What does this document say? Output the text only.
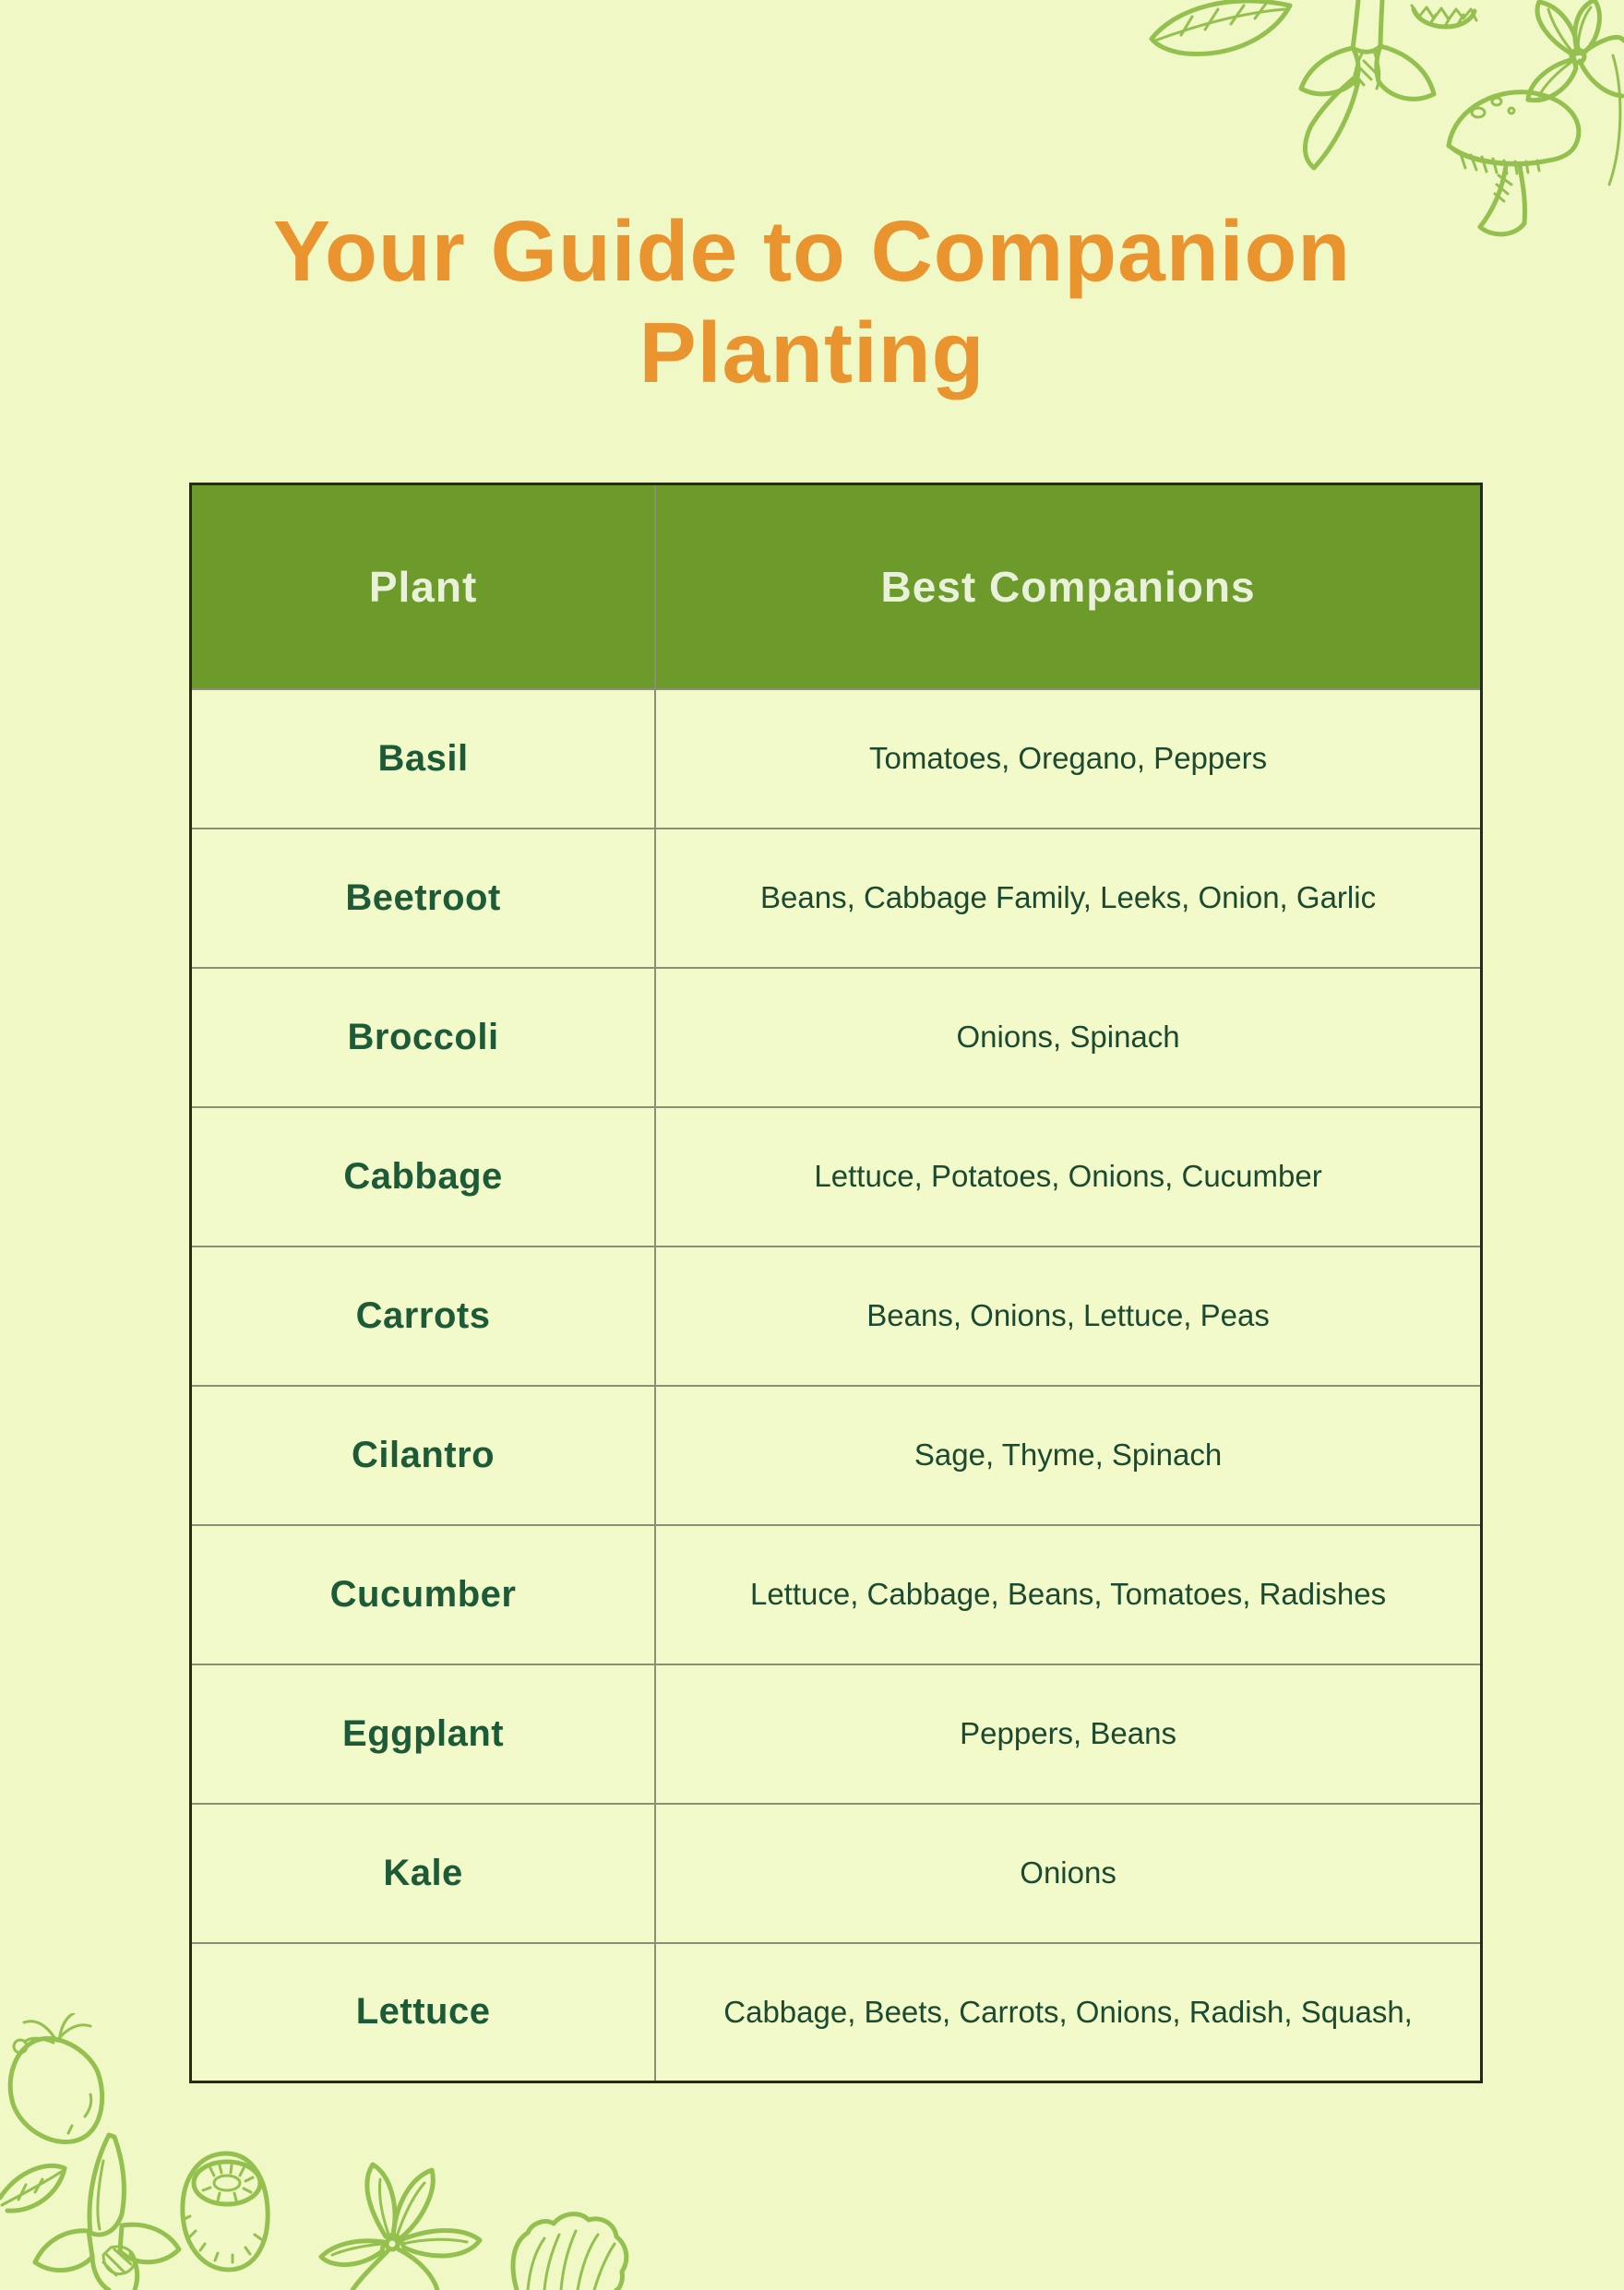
Your Guide to Companion Planting
Plant	Best Companions
Basil	Tomatoes, Oregano, Peppers
Beetroot	Beans, Cabbage Family, Leeks, Onion, Garlic
Broccoli	Onions, Spinach
Cabbage	Lettuce, Potatoes, Onions, Cucumber
Carrots	Beans, Onions, Lettuce, Peas
Cilantro	Sage, Thyme, Spinach
Cucumber	Lettuce, Cabbage, Beans, Tomatoes, Radishes
Eggplant	Peppers, Beans
Kale	Onions
Lettuce	Cabbage, Beets, Carrots, Onions, Radish, Squash,
